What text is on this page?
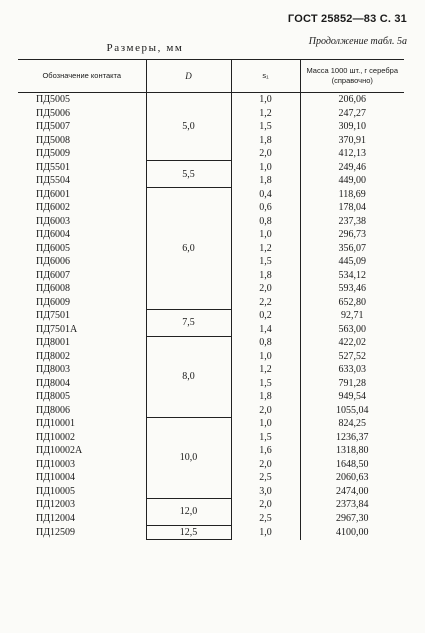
ГОСТ 25852—83 С. 31
Размеры, мм
Продолжение табл. 5а
Обозначение контакта	D	s₁	Масса 1000 шт., г серебра (справочно)
ПД5005	5,0	1,0	206,06
ПД5006		1,2	247,27
ПД5007		1,5	309,10
ПД5008		1,8	370,91
ПД5009		2,0	412,13
ПД5501	5,5	1,0	249,46
ПД5504		1,8	449,00
ПД6001	6,0	0,4	118,69
ПД6002		0,6	178,04
ПД6003		0,8	237,38
ПД6004		1,0	296,73
ПД6005		1,2	356,07
ПД6006		1,5	445,09
ПД6007		1,8	534,12
ПД6008		2,0	593,46
ПД6009		2,2	652,80
ПД7501	7,5	0,2	92,71
ПД7501А		1,4	563,00
ПД8001	8,0	0,8	422,02
ПД8002		1,0	527,52
ПД8003		1,2	633,03
ПД8004		1,5	791,28
ПД8005		1,8	949,54
ПД8006		2,0	1055,04
ПД10001	10,0	1,0	824,25
ПД10002		1,5	1236,37
ПД10002А		1,6	1318,80
ПД10003		2,0	1648,50
ПД10004		2,5	2060,63
ПД10005		3,0	2474,00
ПД12003	12,0	2,0	2373,84
ПД12004		2,5	2967,30
ПД12509	12,5	1,0	4100,00
